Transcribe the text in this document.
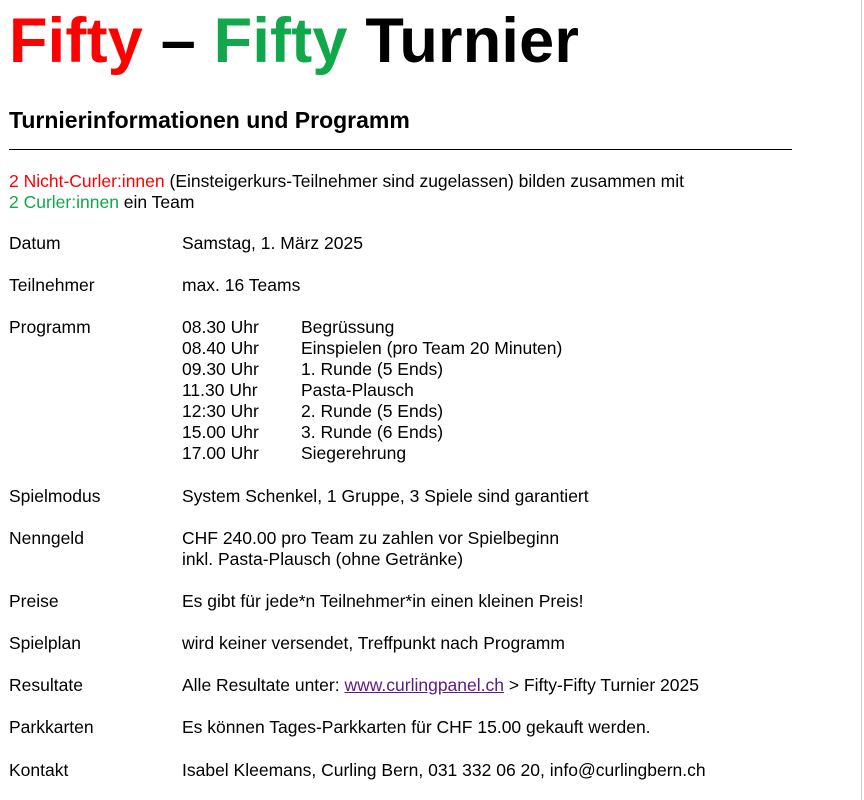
Fifty – Fifty Turnier
Turnierinformationen und Programm
2 Nicht-Curler:innen (Einsteigerkurs-Teilnehmer sind zugelassen) bilden zusammen mit
2 Curler:innen ein Team
Datum	Samstag, 1. März 2025
Teilnehmer	max. 16 Teams
Programm	08.30 Uhr Begrüssung
08.40 Uhr Einspielen (pro Team 20 Minuten)
09.30 Uhr 1. Runde (5 Ends)
11.30 Uhr Pasta-Plausch
12:30 Uhr 2. Runde (5 Ends)
15.00 Uhr 3. Runde (6 Ends)
17.00 Uhr Siegerehrung
Spielmodus	System Schenkel, 1 Gruppe, 3 Spiele sind garantiert
Nenngeld	CHF 240.00 pro Team zu zahlen vor Spielbeginn
inkl. Pasta-Plausch (ohne Getränke)
Preise	Es gibt für jede*n Teilnehmer*in einen kleinen Preis!
Spielplan	wird keiner versendet, Treffpunkt nach Programm
Resultate	Alle Resultate unter: www.curlingpanel.ch > Fifty-Fifty Turnier 2025
Parkkarten	Es können Tages-Parkkarten für CHF 15.00 gekauft werden.
Kontakt	Isabel Kleemans, Curling Bern, 031 332 06 20, info@curlingbern.ch
